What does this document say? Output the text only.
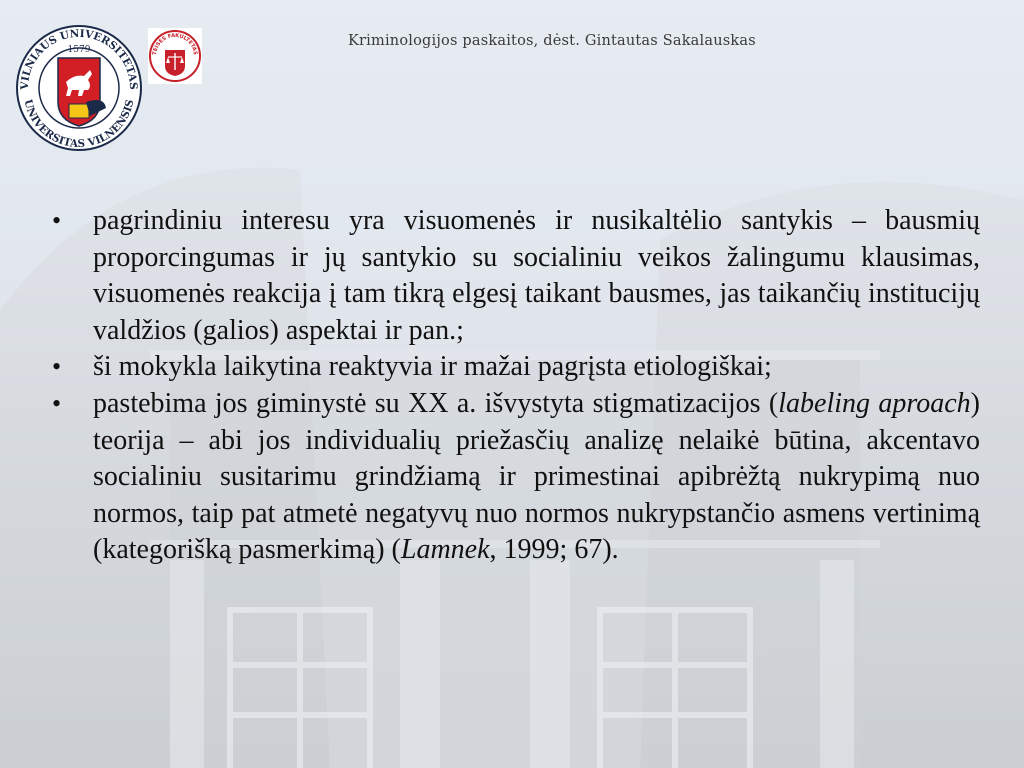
VILNIAUS UNIVERSITETAS
UNIVERSITAS VILNENSIS
1579	TEISĖS FAKULTETAS
Kriminologijos paskaitos, dėst. Gintautas Sakalauskas
• pagrindiniu interesu yra visuomenės ir nusikaltėlio santykis – bausmių proporcingumas ir jų santykio su socialiniu veikos žalingumu klausimas, visuomenės reakcija į tam tikrą elgesį taikant bausmes, jas taikančių institucijų valdžios (galios) aspektai ir pan.;
• ši mokykla laikytina reaktyvia ir mažai pagrįsta etiologiškai;
• pastebima jos giminystė su XX a. išvystyta stigmatizacijos (labeling aproach) teorija – abi jos individualių priežasčių analizę nelaikė būtina, akcentavo socialiniu susitarimu grindžiamą ir primestinai apibrėžtą nukrypimą nuo normos, taip pat atmetė negatyvų nuo normos nukrypstančio asmens vertinimą (kategorišką pasmerkimą) (Lamnek, 1999; 67).
